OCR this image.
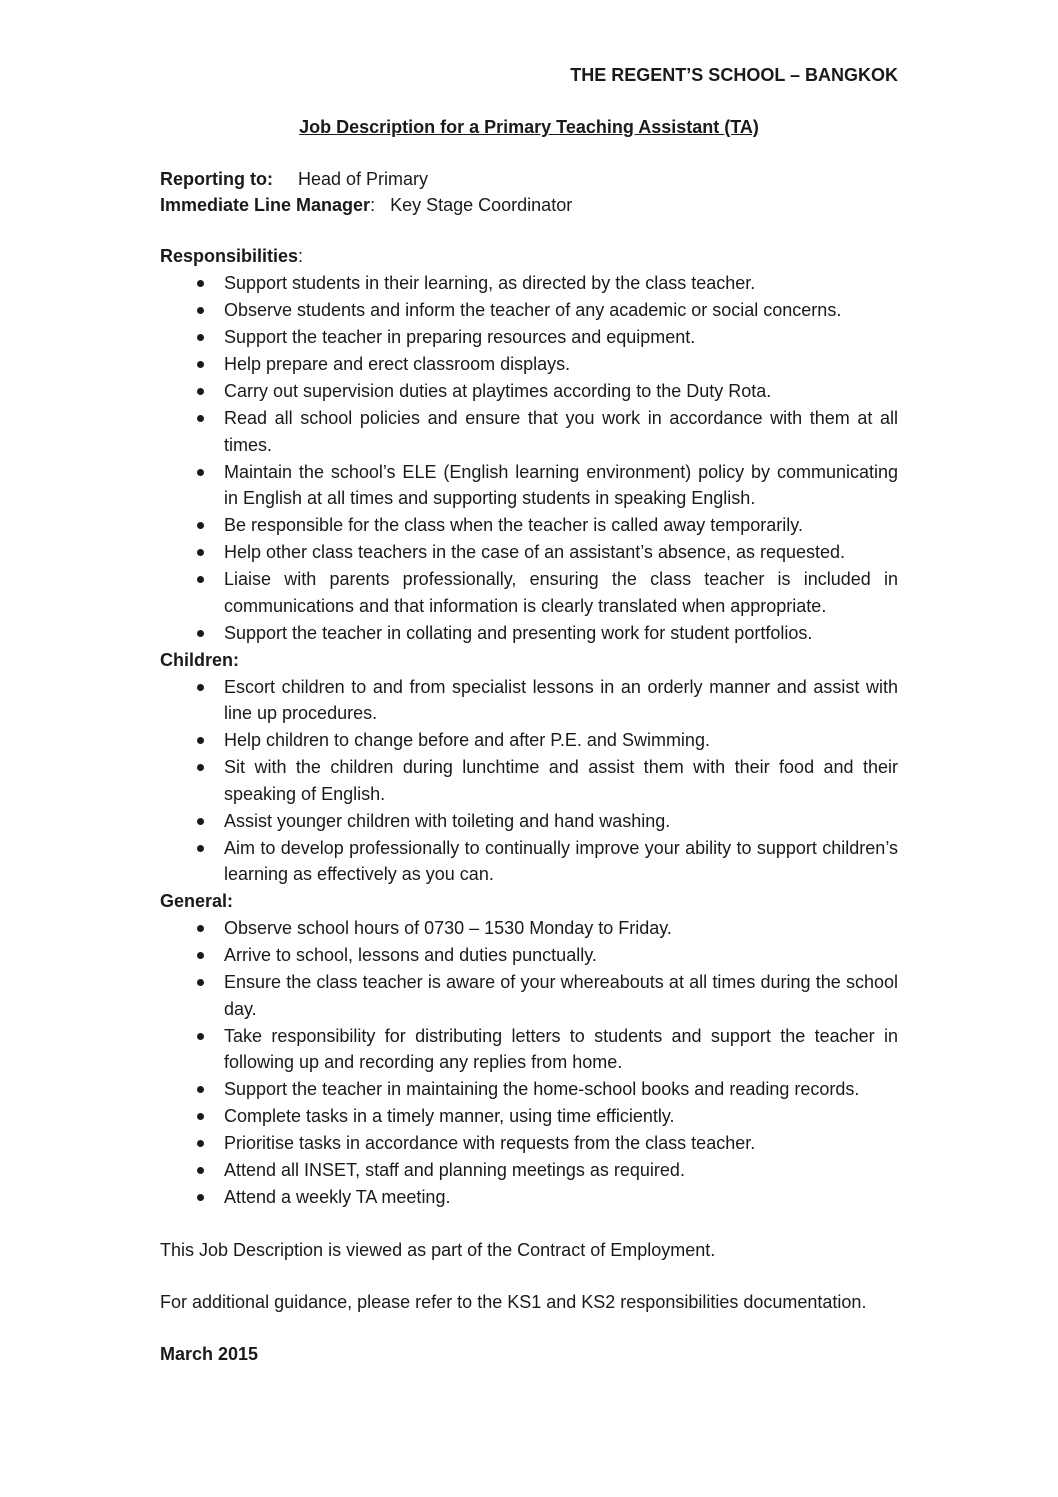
THE REGENT’S SCHOOL – BANGKOK

Job Description for a Primary Teaching Assistant (TA)

Reporting to: Head of Primary

Immediate Line Manager: Key Stage Coordinator

Responsibilities:

Support students in their learning, as directed by the class teacher.
Observe students and inform the teacher of any academic or social concerns.
Support the teacher in preparing resources and equipment.
Help prepare and erect classroom displays.
Carry out supervision duties at playtimes according to the Duty Rota.
Read all school policies and ensure that you work in accordance with them at all times.
Maintain the school’s ELE (English learning environment) policy by communicating in English at all times and supporting students in speaking English.
Be responsible for the class when the teacher is called away temporarily.
Help other class teachers in the case of an assistant’s absence, as requested.
Liaise with parents professionally, ensuring the class teacher is included in communications and that information is clearly translated when appropriate.
Support the teacher in collating and presenting work for student portfolios.

Children:

Escort children to and from specialist lessons in an orderly manner and assist with line up procedures.
Help children to change before and after P.E. and Swimming.
Sit with the children during lunchtime and assist them with their food and their speaking of English.
Assist younger children with toileting and hand washing.
Aim to develop professionally to continually improve your ability to support children’s learning as effectively as you can.

General:

Observe school hours of 0730 – 1530 Monday to Friday.
Arrive to school, lessons and duties punctually.
Ensure the class teacher is aware of your whereabouts at all times during the school day.
Take responsibility for distributing letters to students and support the teacher in following up and recording any replies from home.
Support the teacher in maintaining the home-school books and reading records.
Complete tasks in a timely manner, using time efficiently.
Prioritise tasks in accordance with requests from the class teacher.
Attend all INSET, staff and planning meetings as required.
Attend a weekly TA meeting.

This Job Description is viewed as part of the Contract of Employment.

For additional guidance, please refer to the KS1 and KS2 responsibilities documentation.

March 2015
